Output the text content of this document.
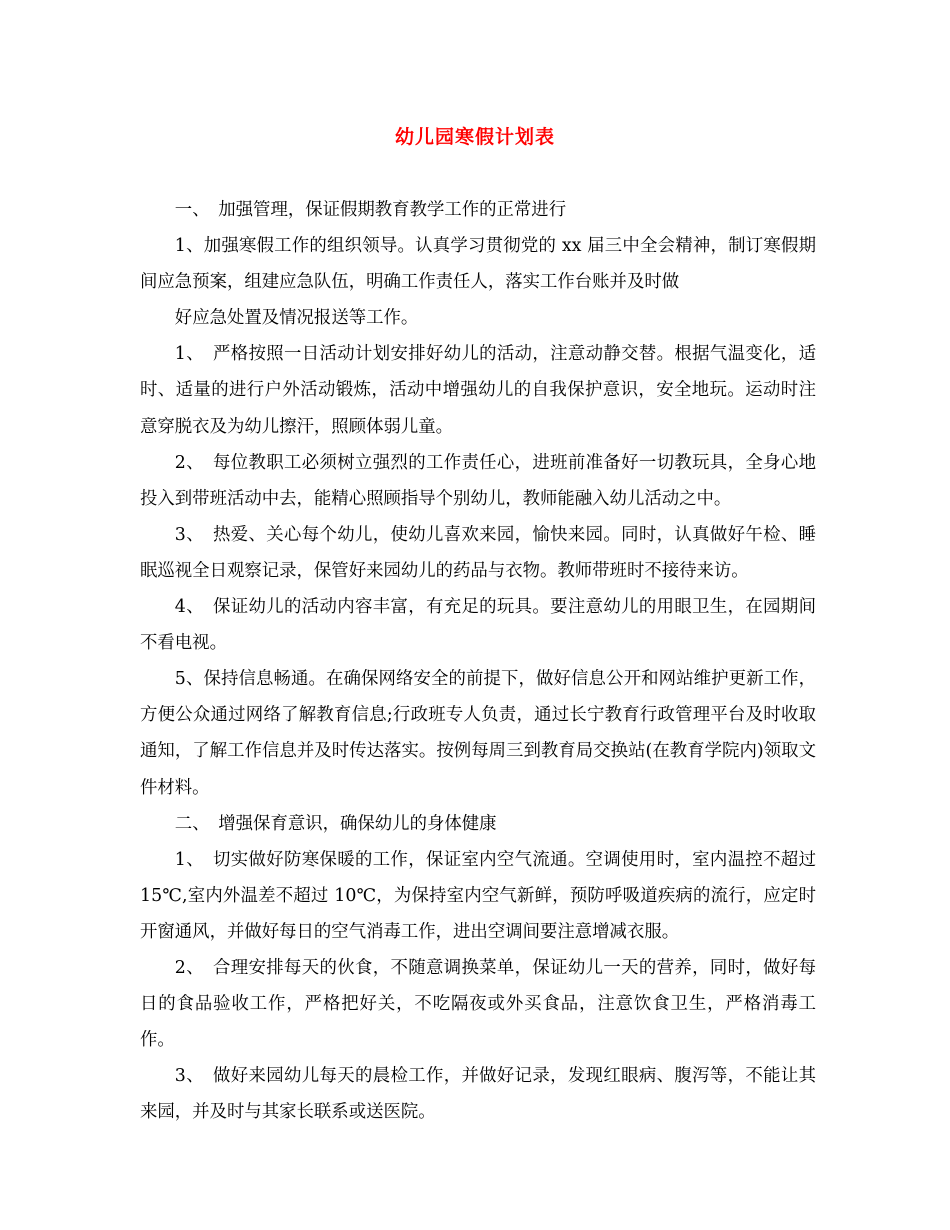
幼儿园寒假计划表

一、　加强管理，保证假期教育教学工作的正常进行

1、加强寒假工作的组织领导。认真学习贯彻党的 xx 届三中全会精神，制订寒假期间应急预案，组建应急队伍，明确工作责任人，落实工作台账并及时做

好应急处置及情况报送等工作。

1、　严格按照一日活动计划安排好幼儿的活动，注意动静交替。根据气温变化，适时、适量的进行户外活动锻炼，活动中增强幼儿的自我保护意识，安全地玩。运动时注意穿脱衣及为幼儿擦汗，照顾体弱儿童。

2、　每位教职工必须树立强烈的工作责任心，进班前准备好一切教玩具，全身心地投入到带班活动中去，能精心照顾指导个别幼儿，教师能融入幼儿活动之中。

3、　热爱、关心每个幼儿，使幼儿喜欢来园，愉快来园。同时，认真做好午检、睡眠巡视全日观察记录，保管好来园幼儿的药品与衣物。教师带班时不接待来访。

4、　保证幼儿的活动内容丰富，有充足的玩具。要注意幼儿的用眼卫生，在园期间不看电视。

5、保持信息畅通。在确保网络安全的前提下，做好信息公开和网站维护更新工作，方便公众通过网络了解教育信息;行政班专人负责，通过长宁教育行政管理平台及时收取通知，了解工作信息并及时传达落实。按例每周三到教育局交换站(在教育学院内)领取文件材料。

二、　增强保育意识，确保幼儿的身体健康

1、　切实做好防寒保暖的工作，保证室内空气流通。空调使用时，室内温控不超过 15℃,室内外温差不超过 10℃，为保持室内空气新鲜，预防呼吸道疾病的流行，应定时开窗通风，并做好每日的空气消毒工作，进出空调间要注意增减衣服。

2、　合理安排每天的伙食，不随意调换菜单，保证幼儿一天的营养，同时，做好每日的食品验收工作，严格把好关，不吃隔夜或外买食品，注意饮食卫生，严格消毒工作。

3、　做好来园幼儿每天的晨检工作，并做好记录，发现红眼病、腹泻等，不能让其来园，并及时与其家长联系或送医院。
